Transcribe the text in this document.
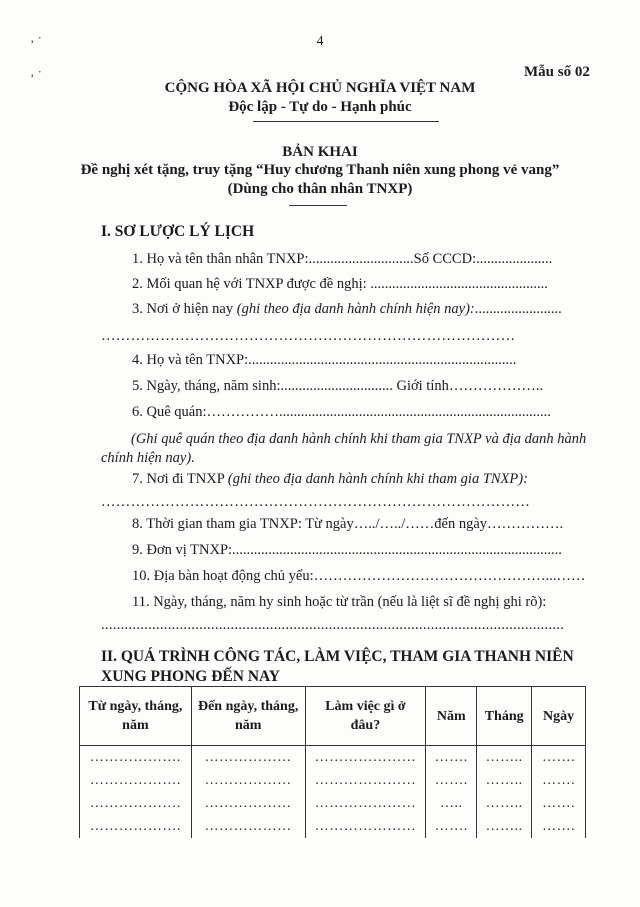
‚ ·
‚ ·
4
Mẫu số 02
CỘNG HÒA XÃ HỘI CHỦ NGHĨA VIỆT NAM
Độc lập - Tự do - Hạnh phúc
BẢN KHAI
Đề nghị xét tặng, truy tặng “Huy chương Thanh niên xung phong vẻ vang”
(Dùng cho thân nhân TNXP)
I. SƠ LƯỢC LÝ LỊCH
1. Họ và tên thân nhân TNXP:.............................Số CCCD:.....................
2. Mối quan hệ với TNXP được đề nghị: .................................................
3. Nơi ở hiện nay (ghi theo địa danh hành chính hiện nay):........................
…………………………………………………………………………
4. Họ và tên TNXP:..........................................................................
5. Ngày, tháng, năm sinh:............................... Giới tính………………..
6. Quê quán:……………...........................................................................
(Ghi quê quán theo địa danh hành chính khi tham gia TNXP và địa danh hành chính hiện nay).
7. Nơi đi TNXP (ghi theo địa danh hành chính khi tham gia TNXP):
……………………………………………………………………………
8. Thời gian tham gia TNXP: Từ ngày…../…../……đến ngày…………….
9. Đơn vị TNXP:...........................................................................................
10. Địa bàn hoạt động chủ yếu:…………………………………………...……
11. Ngày, tháng, năm hy sinh hoặc từ trần (nếu là liệt sĩ đề nghị ghi rõ):
......................................................................................................................
II. QUÁ TRÌNH CÔNG TÁC, LÀM VIỆC, THAM GIA THANH NIÊN
XUNG PHONG ĐẾN NAY
Từ ngày, tháng, năm	Đến ngày, tháng, năm	Làm việc gì ở đâu?	Năm	Tháng	Ngày
……………….	………………	…………………	…….	……..	…….
……………….	………………	…………………	…….	……..	…….
……………….	………………	…………………	…..	……..	…….
……………….	………………	…………………	…….	……..	…….
